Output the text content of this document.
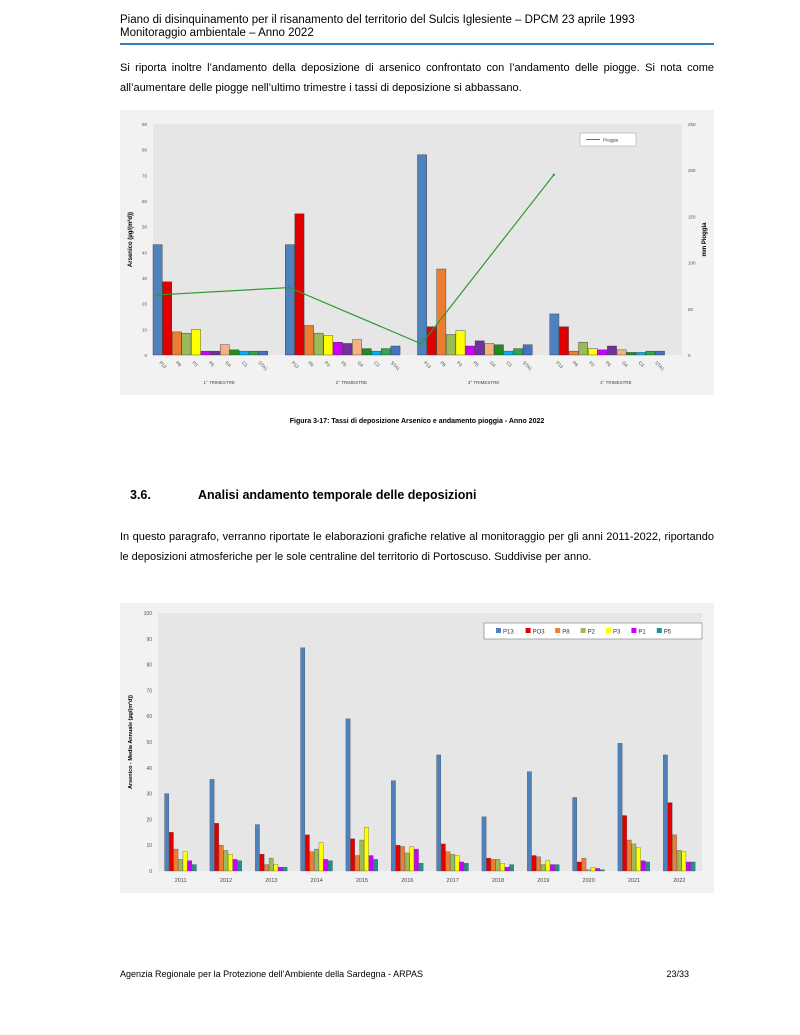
Piano di disinquinamento per il risanamento del territorio del Sulcis Iglesiente – DPCM 23 aprile 1993
Monitoraggio ambientale – Anno 2022
Si riporta inoltre l’andamento della deposizione di arsenico confrontato con l’andamento delle piogge. Si nota come all’aumentare delle piogge nell’ultimo trimestre i tassi di deposizione si abbassano.
0
10
20
30
40
50
60
70
80
90
0
50
100
150
200
250
Arsenico (µg/(m²d))	mm Pioggia
P13 P8 P3 P5 G4 C3 STA1
1° TRIMESTRE
P13 P8 P3 P5 G4 C3 STA1
2° TRIMESTRE
P13 P8 P3 P5 G4 C3 STA1
3° TRIMESTRE
P13 P8 P3 P5 G4 C3 STA1
4° TRIMESTRE
Pioggia
Figura 3-17: Tassi di deposizione Arsenico e andamento pioggia - Anno 2022
3.6.	Analisi andamento temporale delle deposizioni
In questo paragrafo, verranno riportate le elaborazioni grafiche relative al monitoraggio per gli anni 2011-2022, riportando le deposizioni atmosferiche per le sole centraline del territorio di Portoscuso. Suddivise per anno.
0
10
20
30
40
50
60
70
80
90
100
Arsenico - Media Annuale (µg/(m²d))
2011	2012	2013	2014	2015	2016	2017	2018	2019	2020	2021	2022
P13	PO3	P8	P2	P3	P1	P5
Agenzia Regionale per la Protezione dell’Ambiente della Sardegna - ARPAS	23/33
